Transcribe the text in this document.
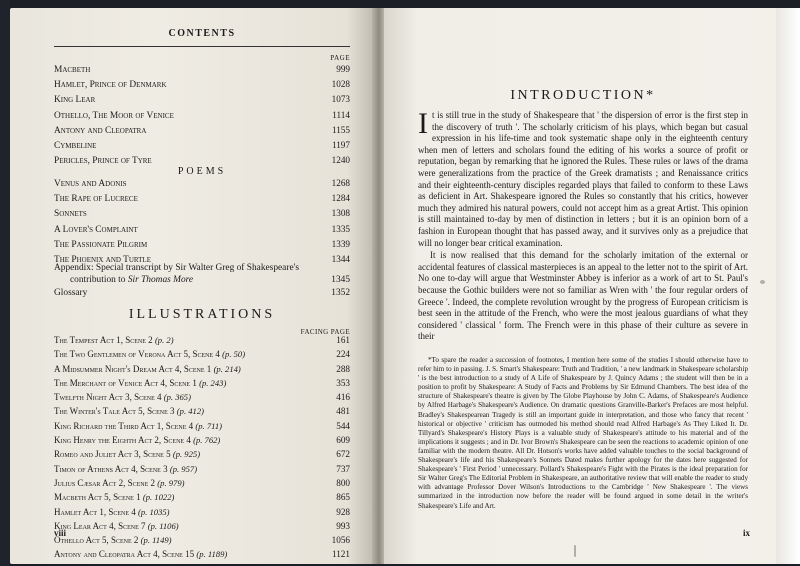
CONTENTS
PAGE
Macbeth	999
Hamlet, Prince of Denmark	1028
King Lear	1073
Othello, The Moor of Venice	1114
Antony and Cleopatra	1155
Cymbeline	1197
Pericles, Prince of Tyre	1240
POEMS
Venus and Adonis	1268
The Rape of Lucrece	1284
Sonnets	1308
A Lover's Complaint	1335
The Passionate Pilgrim	1339
The Phoenix and Turtle	1344
Appendix: Special transcript by Sir Walter Greg of Shakespeare's
contribution to Sir Thomas More	1345
Glossary	1352
ILLUSTRATIONS
FACING PAGE
The Tempest Act 1, Scene 2 (p. 2)	161
The Two Gentlemen of Verona Act 5, Scene 4 (p. 50)	224
A Midsummer Night's Dream Act 4, Scene 1 (p. 214)	288
The Merchant of Venice Act 4, Scene 1 (p. 243)	353
Twelfth Night Act 3, Scene 4 (p. 365)	416
The Winter's Tale Act 5, Scene 3 (p. 412)	481
King Richard the Third Act 1, Scene 4 (p. 711)	544
King Henry the Eighth Act 2, Scene 4 (p. 762)	609
Romeo and Juliet Act 3, Scene 5 (p. 925)	672
Timon of Athens Act 4, Scene 3 (p. 957)	737
Julius Cæsar Act 2, Scene 2 (p. 979)	800
Macbeth Act 5, Scene 1 (p. 1022)	865
Hamlet Act 1, Scene 4 (p. 1035)	928
King Lear Act 4, Scene 7 (p. 1106)	993
Othello Act 5, Scene 2 (p. 1149)	1056
Antony and Cleopatra Act 4, Scene 15 (p. 1189)	1121
viii
INTRODUCTION*

It is still true in the study of Shakespeare that ' the dispersion of error is the first step in the discovery of truth '. The scholarly criticism of his plays, which began but casual expression in his life-time and took systematic shape only in the eighteenth century when men of letters and scholars found the editing of his works a source of profit or reputation, began by remarking that he ignored the Rules. These rules or laws of the drama were generalizations from the practice of the Greek dramatists ; and Renaissance critics and their eighteenth-century disciples regarded plays that failed to conform to these Laws as deficient in Art. Shakespeare ignored the Rules so constantly that his critics, however much they admired his natural powers, could not accept him as a great Artist. This opinion is still maintained to-day by men of distinction in letters ; but it is an opinion born of a fashion in European thought that has passed away, and it survives only as a prejudice that will no longer bear critical examination.

It is now realised that this demand for the scholarly imitation of the external or accidental features of classical masterpieces is an appeal to the letter not to the spirit of Art. No one to-day will argue that Westminster Abbey is inferior as a work of art to St. Paul's because the Gothic builders were not so familiar as Wren with ' the four regular orders of Greece '. Indeed, the complete revolution wrought by the progress of European criticism is best seen in the attitude of the French, who were the most jealous guardians of what they considered ' classical ' form. The French were in this phase of their culture as severe in their

*To spare the reader a succession of footnotes, I mention here some of the studies I should otherwise have to refer him to in passing. J. S. Smart's Shakespeare: Truth and Tradition, ' a new landmark in Shakespeare scholarship ' is the best introduction to a study of A Life of Shakespeare by J. Quincy Adams ; the student will then be in a position to profit by Shakespeare: A Study of Facts and Problems by Sir Edmund Chambers. The best idea of the structure of Shakespeare's theatre is given by The Globe Playhouse by John C. Adams, of Shakespeare's Audience by Alfred Harbage's Shakespeare's Audience. On dramatic questions Granville-Barker's Prefaces are most helpful. Bradley's Shakespearean Tragedy is still an important guide in interpretation, and those who fancy that recent ' historical or objective ' criticism has outmoded his method should read Alfred Harbage's As They Liked It. Dr. Tillyard's Shakespeare's History Plays is a valuable study of Shakespeare's attitude to his material and of the implications it suggests ; and in Dr. Ivor Brown's Shakespeare can be seen the reactions to academic opinion of one familiar with the modern theatre. All Dr. Hotson's works have added valuable touches to the social background of Shakespeare's life and his Shakespeare's Sonnets Dated makes further apology for the dates here suggested for Shakespeare's ' First Period ' unnecessary. Pollard's Shakespeare's Fight with the Pirates is the ideal preparation for Sir Walter Greg's The Editorial Problem in Shakespeare, an authoritative review that will enable the reader to study with advantage Professor Dover Wilson's Introductions to the Cambridge ' New Shakespeare '. The views summarized in the introduction now before the reader will be found argued in some detail in the writer's Shakespeare's Life and Art.

ix
